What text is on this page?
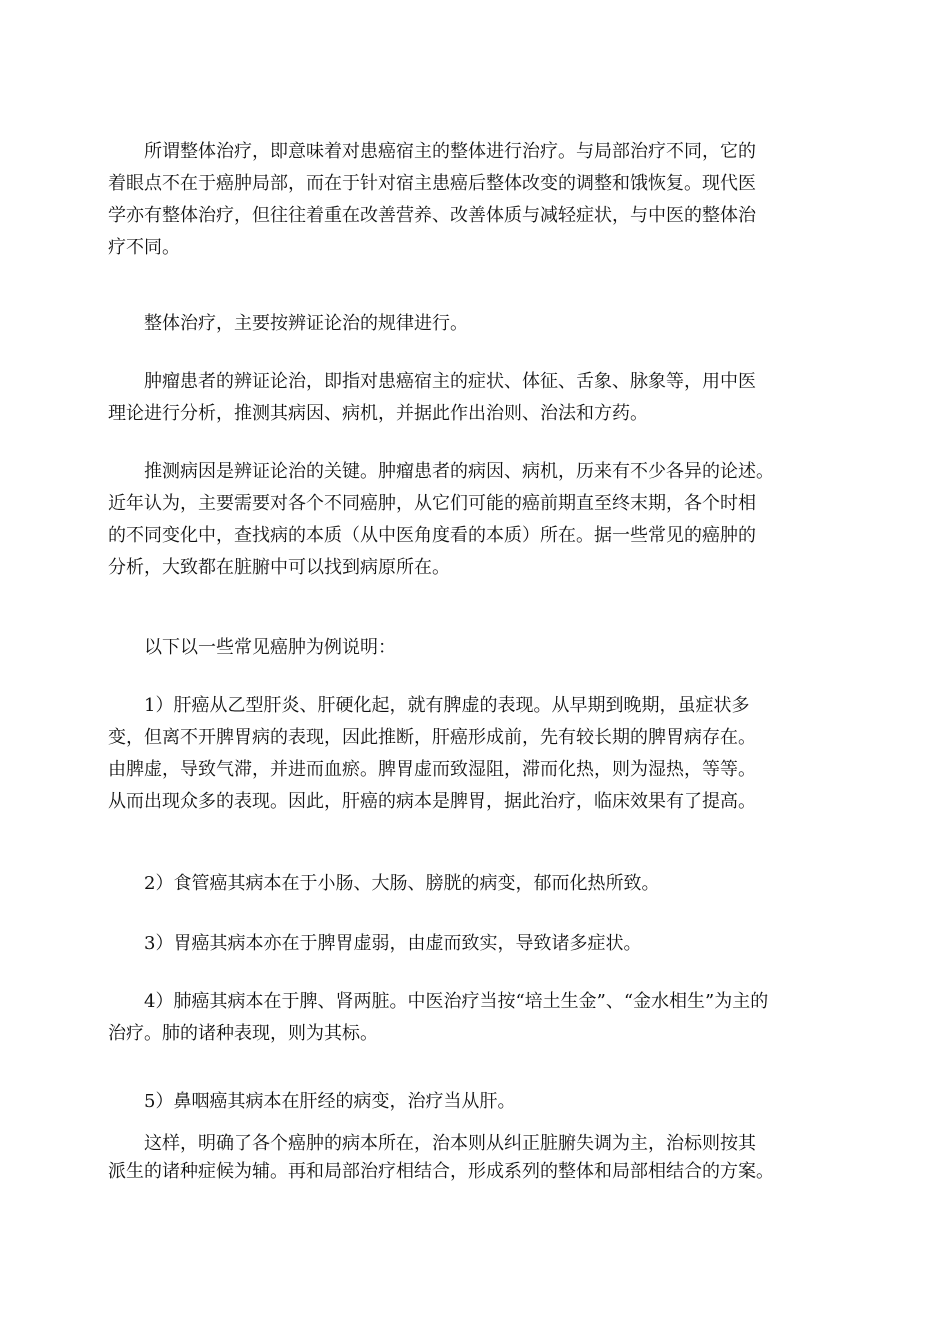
所谓整体治疗，即意味着对患癌宿主的整体进行治疗。与局部治疗不同，它的
着眼点不在于癌肿局部，而在于针对宿主患癌后整体改变的调整和饿恢复。现代医
学亦有整体治疗，但往往着重在改善营养、改善体质与减轻症状，与中医的整体治
疗不同。
整体治疗，主要按辨证论治的规律进行。
肿瘤患者的辨证论治，即指对患癌宿主的症状、体征、舌象、脉象等，用中医
理论进行分析，推测其病因、病机，并据此作出治则、治法和方药。
推测病因是辨证论治的关键。肿瘤患者的病因、病机，历来有不少各异的论述。
近年认为，主要需要对各个不同癌肿，从它们可能的癌前期直至终末期，各个时相
的不同变化中，查找病的本质（从中医角度看的本质）所在。据一些常见的癌肿的
分析，大致都在脏腑中可以找到病原所在。
以下以一些常见癌肿为例说明：
1）肝癌从乙型肝炎、肝硬化起，就有脾虚的表现。从早期到晚期，虽症状多
变，但离不开脾胃病的表现，因此推断，肝癌形成前，先有较长期的脾胃病存在。
由脾虚，导致气滞，并进而血瘀。脾胃虚而致湿阻，滞而化热，则为湿热，等等。
从而出现众多的表现。因此，肝癌的病本是脾胃，据此治疗，临床效果有了提高。
2）食管癌其病本在于小肠、大肠、膀胱的病变，郁而化热所致。
3）胃癌其病本亦在于脾胃虚弱，由虚而致实，导致诸多症状。
4）肺癌其病本在于脾、肾两脏。中医治疗当按“培土生金”、“金水相生”为主的
治疗。肺的诸种表现，则为其标。
5）鼻咽癌其病本在肝经的病变，治疗当从肝。
这样，明确了各个癌肿的病本所在，治本则从纠正脏腑失调为主，治标则按其
派生的诸种症候为辅。再和局部治疗相结合，形成系列的整体和局部相结合的方案。
